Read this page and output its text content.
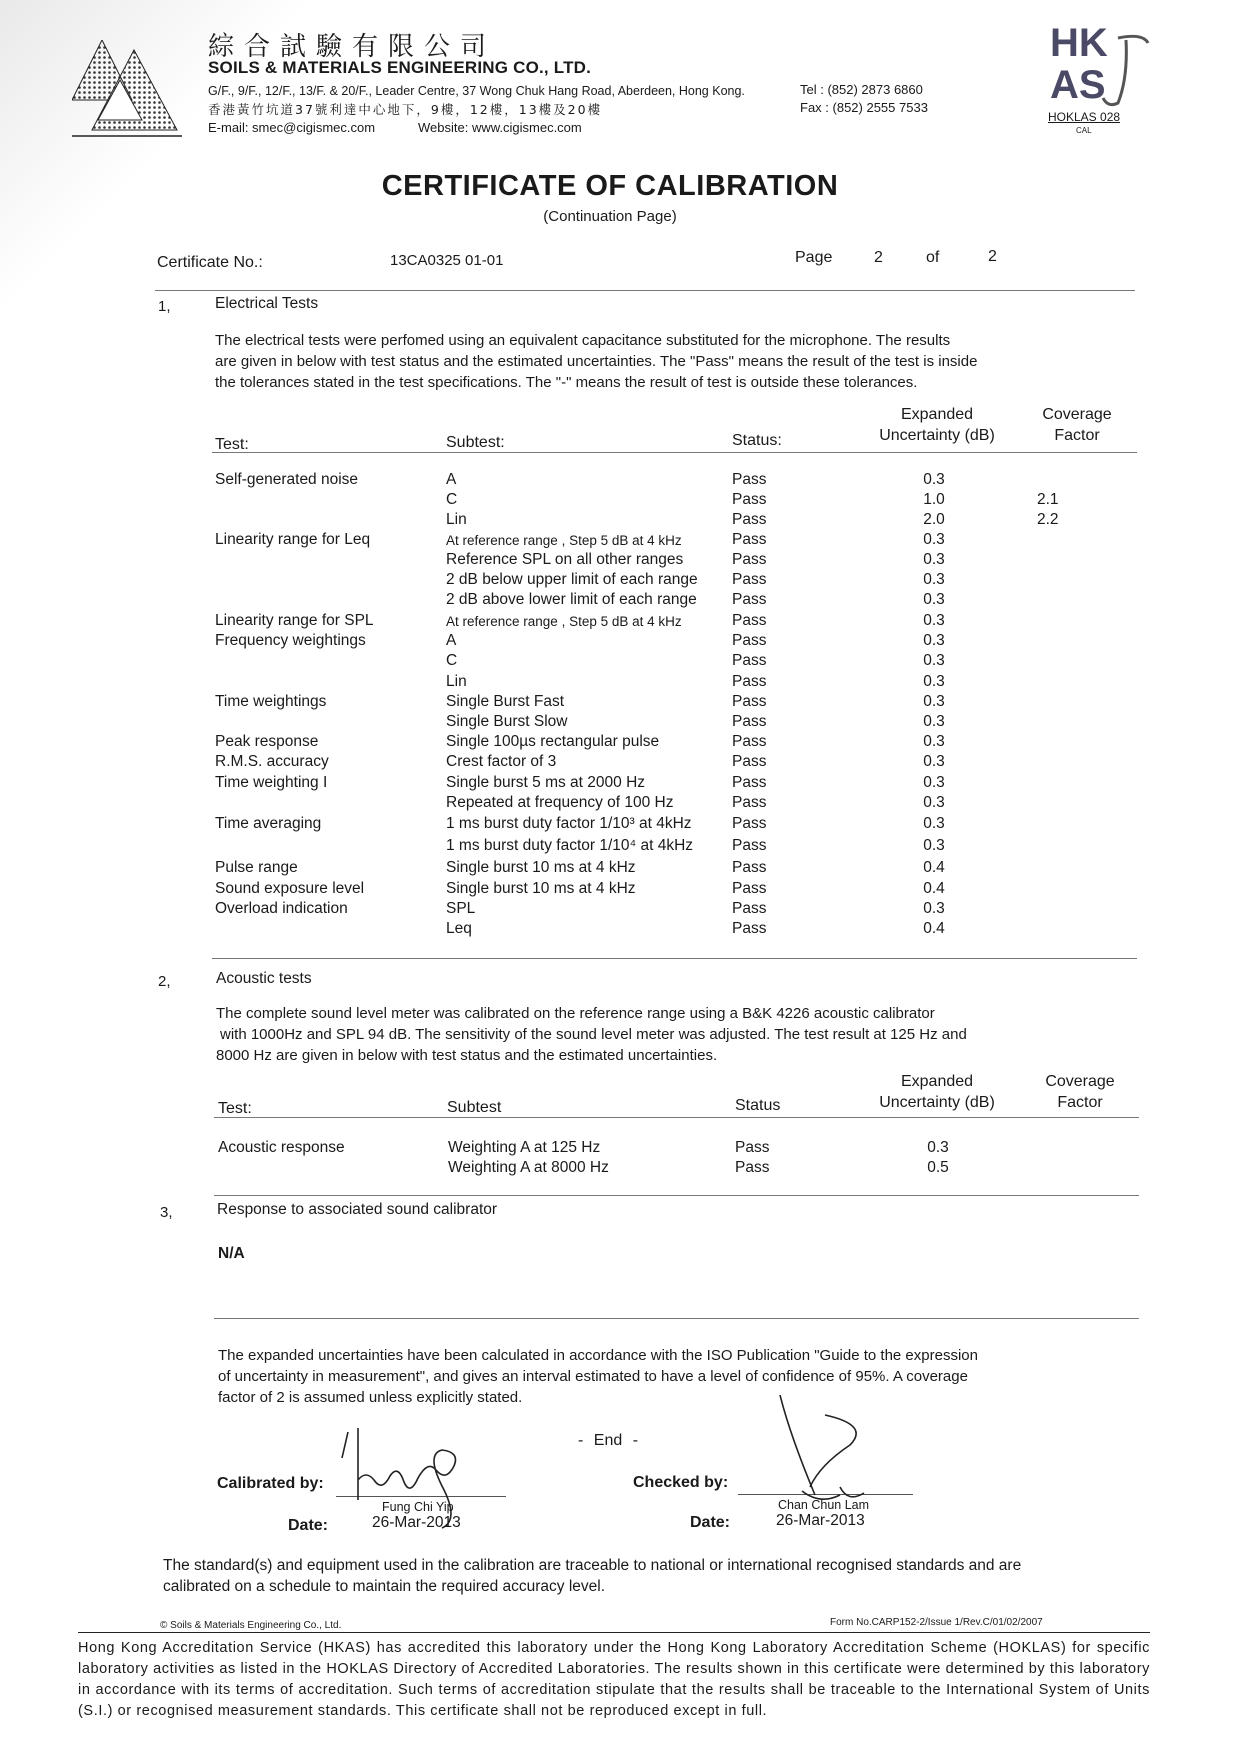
綜合試驗有限公司
SOILS & MATERIALS ENGINEERING CO., LTD.
G/F., 9/F., 12/F., 13/F. & 20/F., Leader Centre, 37 Wong Chuk Hang Road, Aberdeen, Hong Kong.
香港黃竹坑道37號利達中心地下，9樓，12樓，13樓及20樓
E-mail: smec@cigismec.com	Website: www.cigismec.com
Tel : (852) 2873 6860
Fax : (852) 2555 7533
HK
AS
HOKLAS 028
CAL
CERTIFICATE OF CALIBRATION
(Continuation Page)
Certificate No.:	13CA0325 01-01	Page	2	of	2
1,	Electrical Tests
The electrical tests were perfomed using an equivalent capacitance substituted for the microphone. The results
are given in below with test status and the estimated uncertainties. The "Pass" means the result of the test is inside
the tolerances stated in the test specifications. The "-" means the result of test is outside these tolerances.
Test:	Subtest:	Status:
Expanded
Uncertainty (dB)
Coverage
Factor
Self-generated noise	A	Pass	0.3
C	Pass	1.0	2.1
Lin	Pass	2.0	2.2
Linearity range for Leq	At reference range , Step 5 dB at 4 kHz	Pass	0.3
Reference SPL on all other ranges	Pass	0.3
2 dB below upper limit of each range Pass	0.3
2 dB above lower limit of each range Pass	0.3
Linearity range for SPL	At reference range , Step 5 dB at 4 kHz	Pass	0.3
Frequency weightings	A	Pass	0.3
C	Pass	0.3
Lin	Pass	0.3
Time weightings	Single Burst Fast	Pass	0.3
Single Burst Slow	Pass	0.3
Peak response	Single 100µs rectangular pulse	Pass	0.3
R.M.S. accuracy	Crest factor of 3	Pass	0.3
Time weighting I	Single burst 5 ms at 2000 Hz	Pass	0.3
Repeated at frequency of 100 Hz	Pass	0.3
Time averaging	1 ms burst duty factor 1/10³ at 4kHz	Pass	0.3
1 ms burst duty factor 1/10⁴ at 4kHz	Pass	0.3
Pulse range	Single burst 10 ms at 4 kHz	Pass	0.4
Sound exposure level	Single burst 10 ms at 4 kHz	Pass	0.4
Overload indication	SPL	Pass	0.3
Leq	Pass	0.4
2,	Acoustic tests
The complete sound level meter was calibrated on the reference range using a B&K 4226 acoustic calibrator
with 1000Hz and SPL 94 dB. The sensitivity of the sound level meter was adjusted. The test result at 125 Hz and
8000 Hz are given in below with test status and the estimated uncertainties.
Test:	Subtest	Status
Expanded
Uncertainty (dB)
Coverage
Factor
Acoustic response	Weighting A at 125 Hz	Pass	0.3
Weighting A at 8000 Hz	Pass	0.5
3,	Response to associated sound calibrator
N/A
The expanded uncertainties have been calculated in accordance with the ISO Publication "Guide to the expression
of uncertainty in measurement", and gives an interval estimated to have a level of confidence of 95%. A coverage
factor of 2 is assumed unless explicitly stated.
- End -
Calibrated by:
Fung Chi Yip
Date:	26-Mar-2013
Checked by:
Chan Chun Lam
Date:	26-Mar-2013
The standard(s) and equipment used in the calibration are traceable to national or international recognised standards and are
calibrated on a schedule to maintain the required accuracy level.
© Soils & Materials Engineering Co., Ltd.	Form No.CARP152-2/Issue 1/Rev.C/01/02/2007
Hong Kong Accreditation Service (HKAS) has accredited this laboratory under the Hong Kong Laboratory Accreditation Scheme (HOKLAS) for specific laboratory activities as listed in the HOKLAS Directory of Accredited Laboratories. The results shown in this certificate were determined by this laboratory in accordance with its terms of accreditation. Such terms of accreditation stipulate that the results shall be traceable to the International System of Units (S.I.) or recognised measurement standards. This certificate shall not be reproduced except in full.
